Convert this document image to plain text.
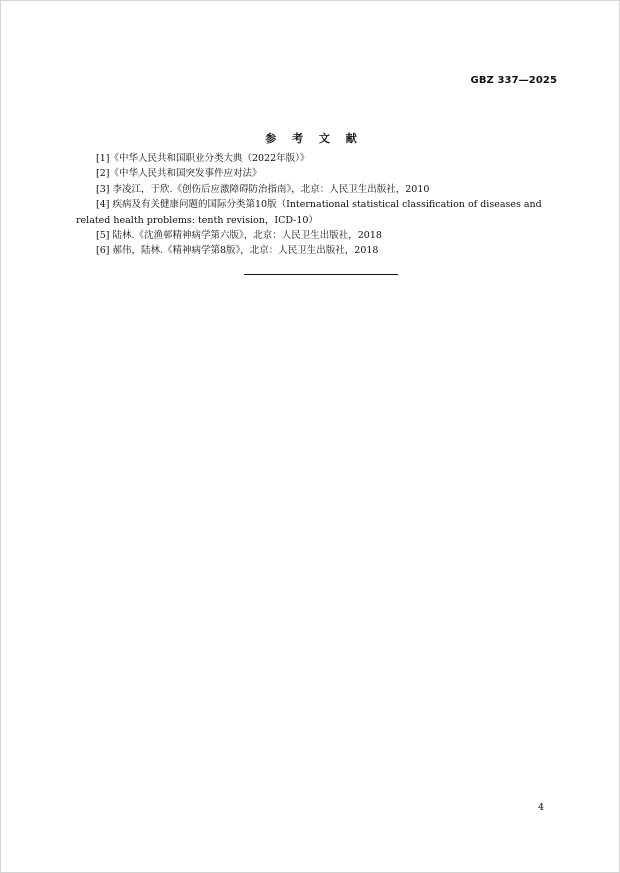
GBZ 337—2025
参 考 文 献

[1]《中华人民共和国职业分类大典（2022年版）》

[2]《中华人民共和国突发事件应对法》

[3] 李凌江，于欣.《创伤后应激障碍防治指南》，北京：人民卫生出版社，2010

[4] 疾病及有关健康问题的国际分类第10版（International statistical classification of diseases and related health problems: tenth revision，ICD-10）

[5] 陆林.《沈渔邨精神病学第六版》，北京：人民卫生出版社，2018

[6] 郝伟，陆林.《精神病学第8版》，北京：人民卫生出版社，2018

4
